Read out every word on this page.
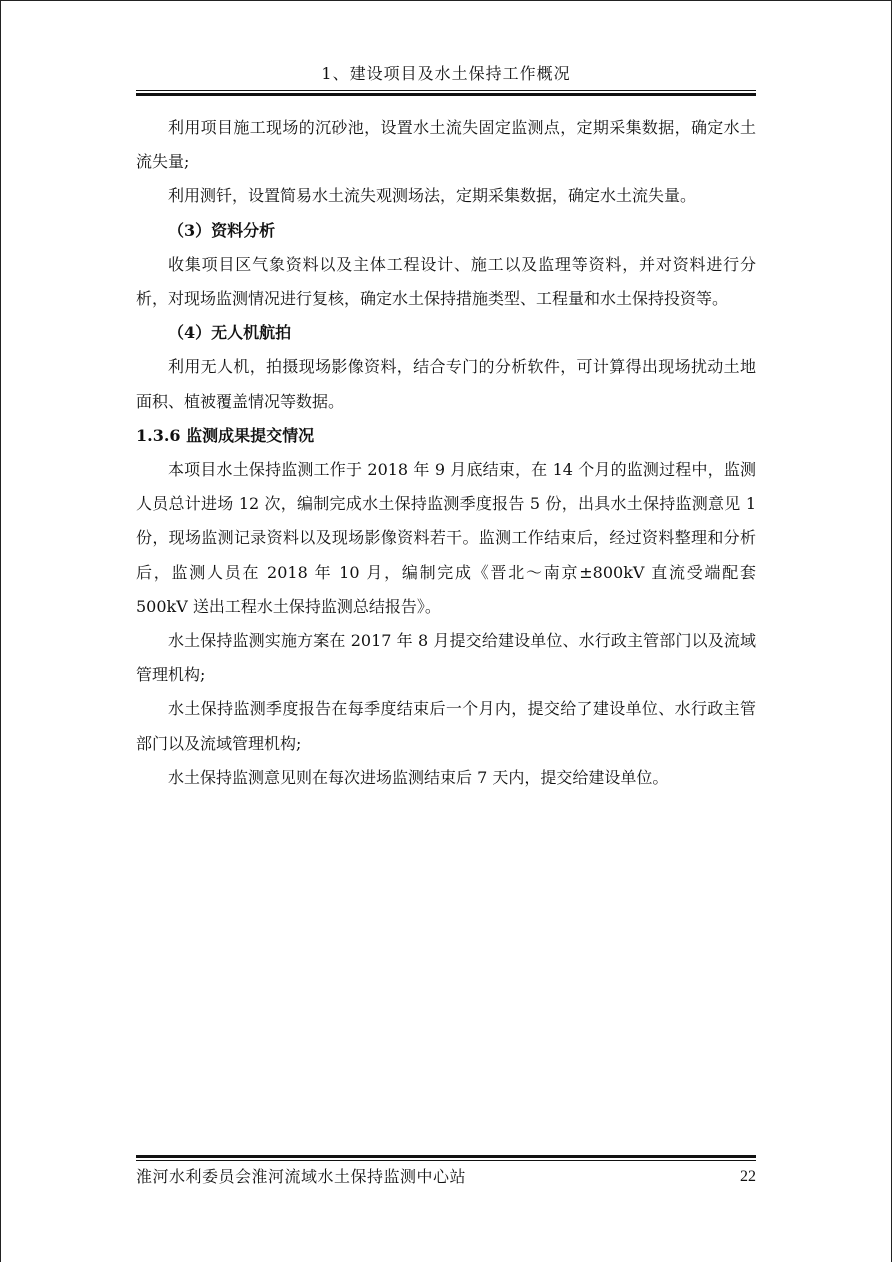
1、建设项目及水土保持工作概况

利用项目施工现场的沉砂池，设置水土流失固定监测点，定期采集数据，确定水土流失量;

利用测钎，设置简易水土流失观测场法，定期采集数据，确定水土流失量。

（3）资料分析

收集项目区气象资料以及主体工程设计、施工以及监理等资料，并对资料进行分析，对现场监测情况进行复核，确定水土保持措施类型、工程量和水土保持投资等。

（4）无人机航拍

利用无人机，拍摄现场影像资料，结合专门的分析软件，可计算得出现场扰动土地面积、植被覆盖情况等数据。

1.3.6 监测成果提交情况

本项目水土保持监测工作于 2018 年 9 月底结束，在 14 个月的监测过程中，监测人员总计进场 12 次，编制完成水土保持监测季度报告 5 份，出具水土保持监测意见 1 份，现场监测记录资料以及现场影像资料若干。监测工作结束后，经过资料整理和分析后，监测人员在 2018 年 10 月，编制完成《晋北～南京±800kV 直流受端配套 500kV 送出工程水土保持监测总结报告》。

水土保持监测实施方案在 2017 年 8 月提交给建设单位、水行政主管部门以及流域管理机构;

水土保持监测季度报告在每季度结束后一个月内，提交给了建设单位、水行政主管部门以及流域管理机构;

水土保持监测意见则在每次进场监测结束后 7 天内，提交给建设单位。

淮河水利委员会淮河流域水土保持监测中心站	22
